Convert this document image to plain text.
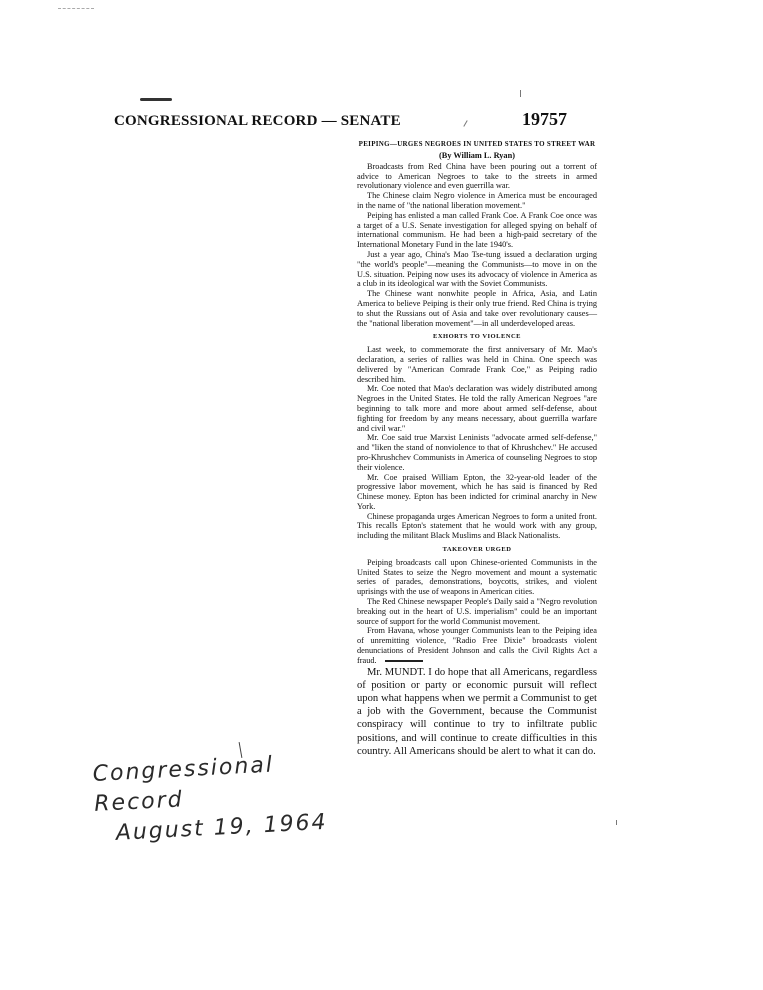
CONGRESSIONAL RECORD — SENATE	19757
PEIPING—URGES NEGROES IN UNITED STATES TO STREET WAR
(By William L. Ryan)

Broadcasts from Red China have been pouring out a torrent of advice to American Negroes to take to the streets in armed revolutionary violence and even guerrilla war.

The Chinese claim Negro violence in America must be encouraged in the name of "the national liberation movement."

Peiping has enlisted a man called Frank Coe. A Frank Coe once was a target of a U.S. Senate investigation for alleged spying on behalf of international communism. He had been a high-paid secretary of the International Monetary Fund in the late 1940's.

Just a year ago, China's Mao Tse-tung issued a declaration urging "the world's people"—meaning the Communists—to move in on the U.S. situation. Peiping now uses its advocacy of violence in America as a club in its ideological war with the Soviet Communists.

The Chinese want nonwhite people in Africa, Asia, and Latin America to believe Peiping is their only true friend. Red China is trying to shut the Russians out of Asia and take over revolutionary causes—the "national liberation movement"—in all underdeveloped areas.

EXHORTS TO VIOLENCE

Last week, to commemorate the first anniversary of Mr. Mao's declaration, a series of rallies was held in China. One speech was delivered by "American Comrade Frank Coe," as Peiping radio described him.

Mr. Coe noted that Mao's declaration was widely distributed among Negroes in the United States. He told the rally American Negroes "are beginning to talk more and more about armed self-defense, about fighting for freedom by any means necessary, about guerrilla warfare and civil war."

Mr. Coe said true Marxist Leninists "advocate armed self-defense," and "liken the stand of nonviolence to that of Khrushchev." He accused pro-Khrushchev Communists in America of counseling Negroes to stop their violence.

Mr. Coe praised William Epton, the 32-year-old leader of the progressive labor movement, which he has said is financed by Red Chinese money. Epton has been indicted for criminal anarchy in New York.

Chinese propaganda urges American Negroes to form a united front. This recalls Epton's statement that he would work with any group, including the militant Black Muslims and Black Nationalists.

TAKEOVER URGED

Peiping broadcasts call upon Chinese-oriented Communists in the United States to seize the Negro movement and mount a systematic series of parades, demonstrations, boycotts, strikes, and violent uprisings with the use of weapons in American cities.

The Red Chinese newspaper People's Daily said a "Negro revolution breaking out in the heart of U.S. imperialism" could be an important source of support for the world Communist movement.

From Havana, whose younger Communists lean to the Peiping idea of unremitting violence, "Radio Free Dixie" broadcasts violent denunciations of President Johnson and calls the Civil Rights Act a fraud.

Mr. MUNDT. I do hope that all Americans, regardless of position or party or economic pursuit will reflect upon what happens when we permit a Communist to get a job with the Government, because the Communist conspiracy will continue to try to infiltrate public positions, and will continue to create difficulties in this country. All Americans should be alert to what it can do.

Congressional Record
August 19, 1964
